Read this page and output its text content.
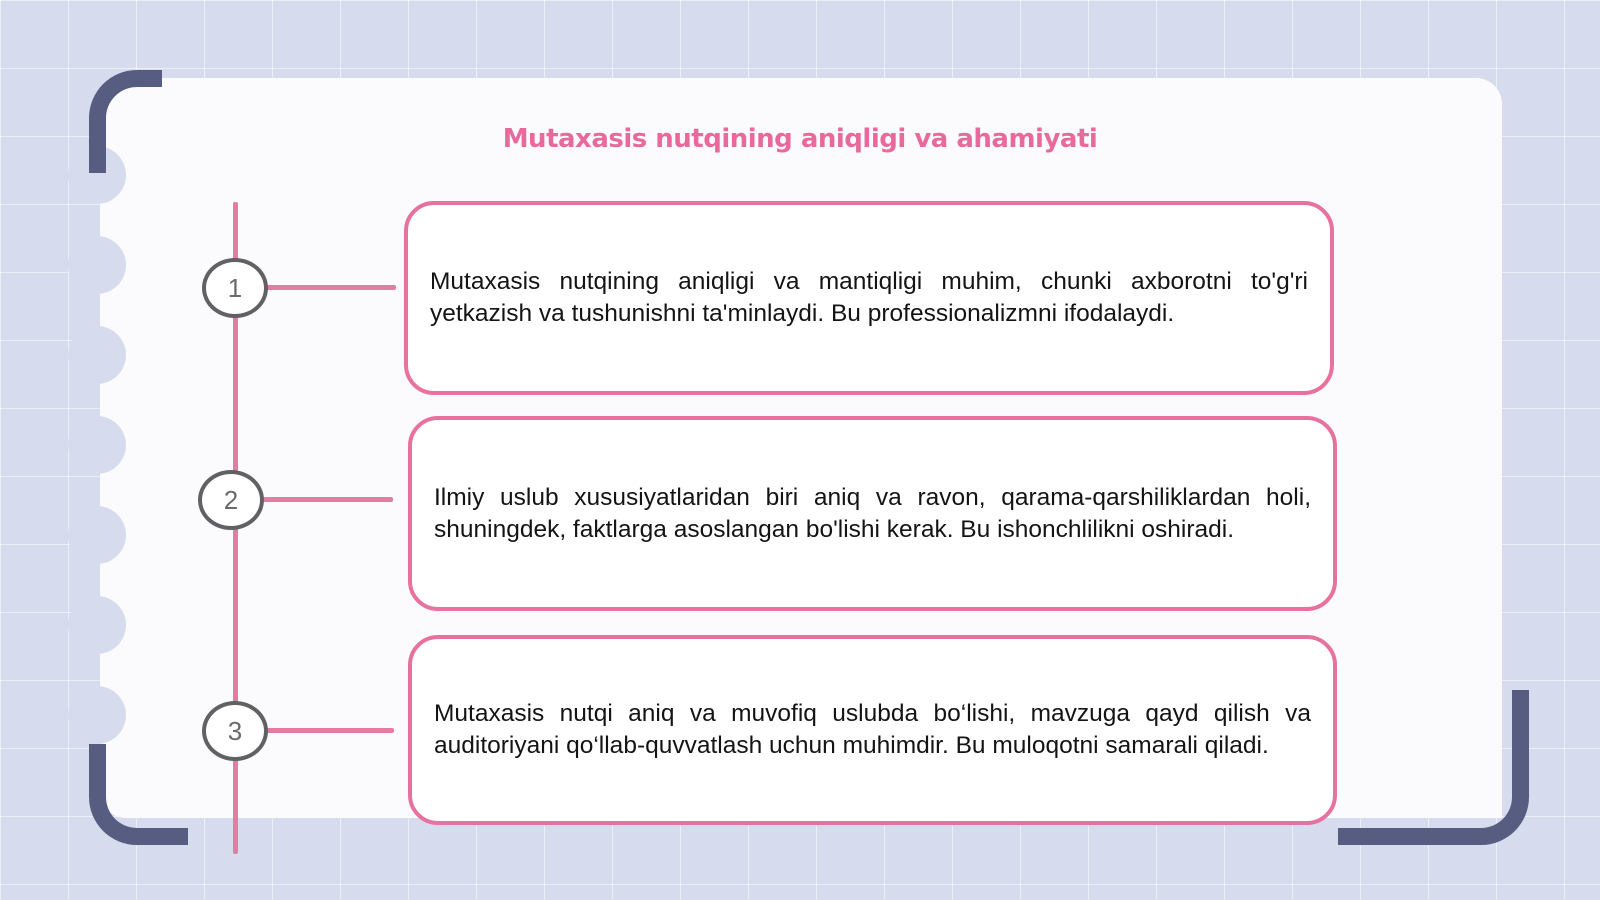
Mutaxasis nutqining aniqligi va ahamiyati
1	Mutaxasis nutqining aniqligi va mantiqligi muhim, chunki axborotni to'g'ri yetkazish va tushunishni ta'minlaydi. Bu professionalizmni ifodalaydi.

2	Ilmiy uslub xususiyatlaridan biri aniq va ravon, qarama-qarshiliklardan holi, shuningdek, faktlarga asoslangan bo'lishi kerak. Bu ishonchlilikni oshiradi.

3

Mutaxasis nutqi aniq va muvofiq uslubda bo‘lishi, mavzuga qayd qilish va auditoriyani qo‘llab-quvvatlash uchun muhimdir. Bu muloqotni samarali qiladi.
